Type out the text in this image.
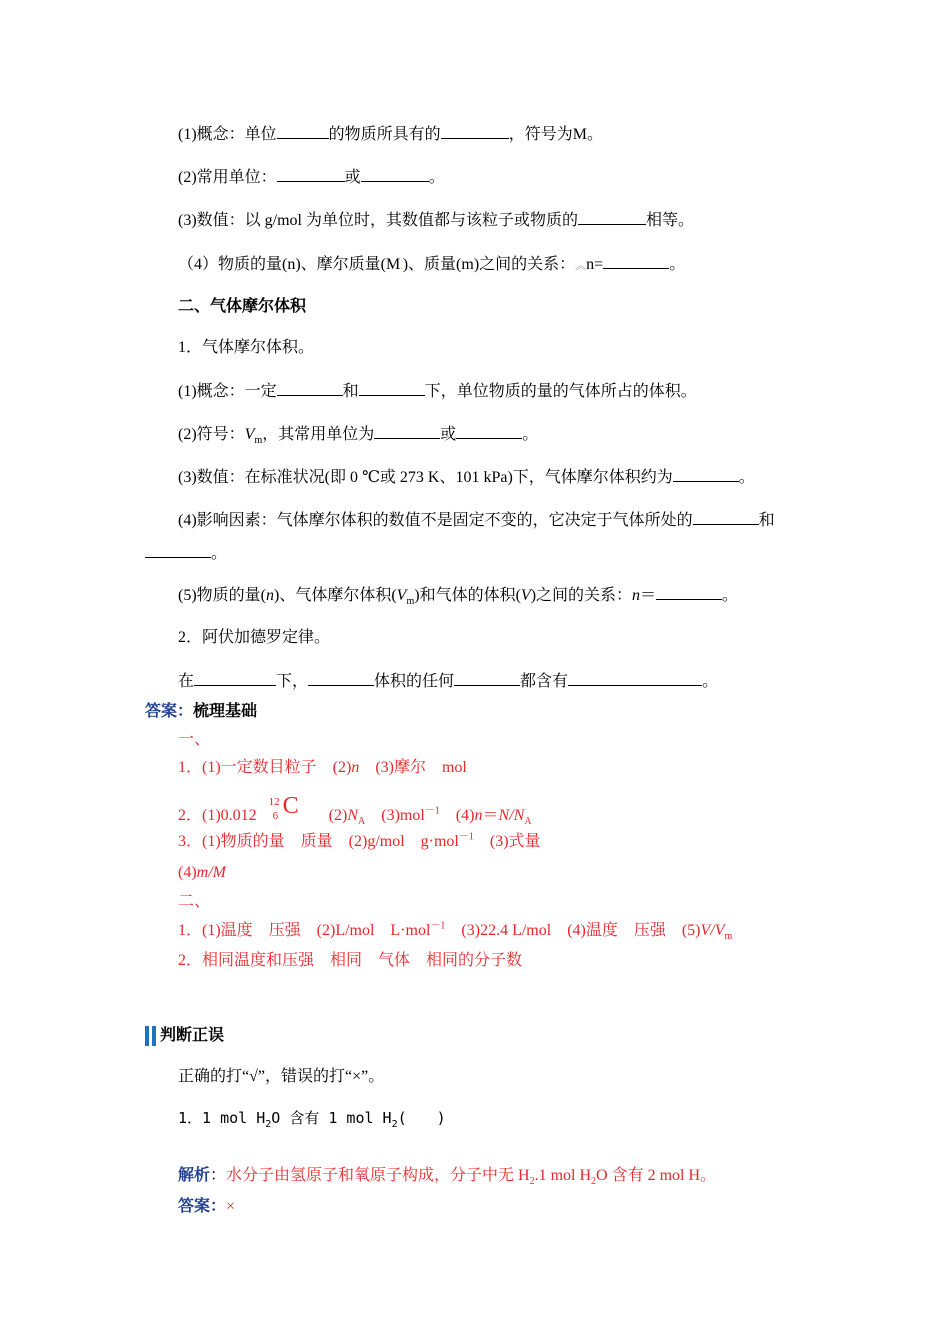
(1)概念：单位	的物质所具有的	，符号为M。
(2)常用单位：	或	。
(3)数值：以 g/mol 为单位时，其数值都与该粒子或物质的	相等。
（4）物质的量(n)、摩尔质量(M.)、质量(m)之间的关系：︽n=	。
二、气体摩尔体积
1．气体摩尔体积。
(1)概念：一定	和	下，单位物质的量的气体所占的体积。
(2)符号：$V_m$，其常用单位为	或	。
(3)数值：在标准状况(即 0 ℃或 273 K、101 kPa)下，气体摩尔体积约为	。
(4)影响因素：气体摩尔体积的数值不是固定不变的，它决定于气体所处的	和
。
(5)物质的量(n)、气体摩尔体积$(V_m)$和气体的体积(V)之间的关系：n＝	。
2．阿伏加德罗定律。
在	下，	体积的任何	都含有	。
答案：梳理基础
一、
1．(1)一定数目粒子　(2)n　(3)摩尔　mol
2．(1)0.012
12
6 C $(2)N_A$　(3)mol$^{-1}$　$(4)n=N/N_A$
3．(1)物质的量　质量　(2)g/mol　g·mol$^{-1}$　(3)式量
(4)m/M
二、
1．(1)温度　压强　(2)L/mol　L·mol$^{-1}$　(3)22.4 L/mol　(4)温度　压强　$(5)V/V_m$
2．相同温度和压强　相同　气体　相同的分子数
判断正误
正确的打“√”，错误的打“×”。
1．1 mol $H_2O$ 含有 1 mol $H_2$(　　)
解析：水分子由氢原子和氧原子构成，分子中无 $H_2.1$ mol $H_2O$ 含有 2 mol H。
答案：×
